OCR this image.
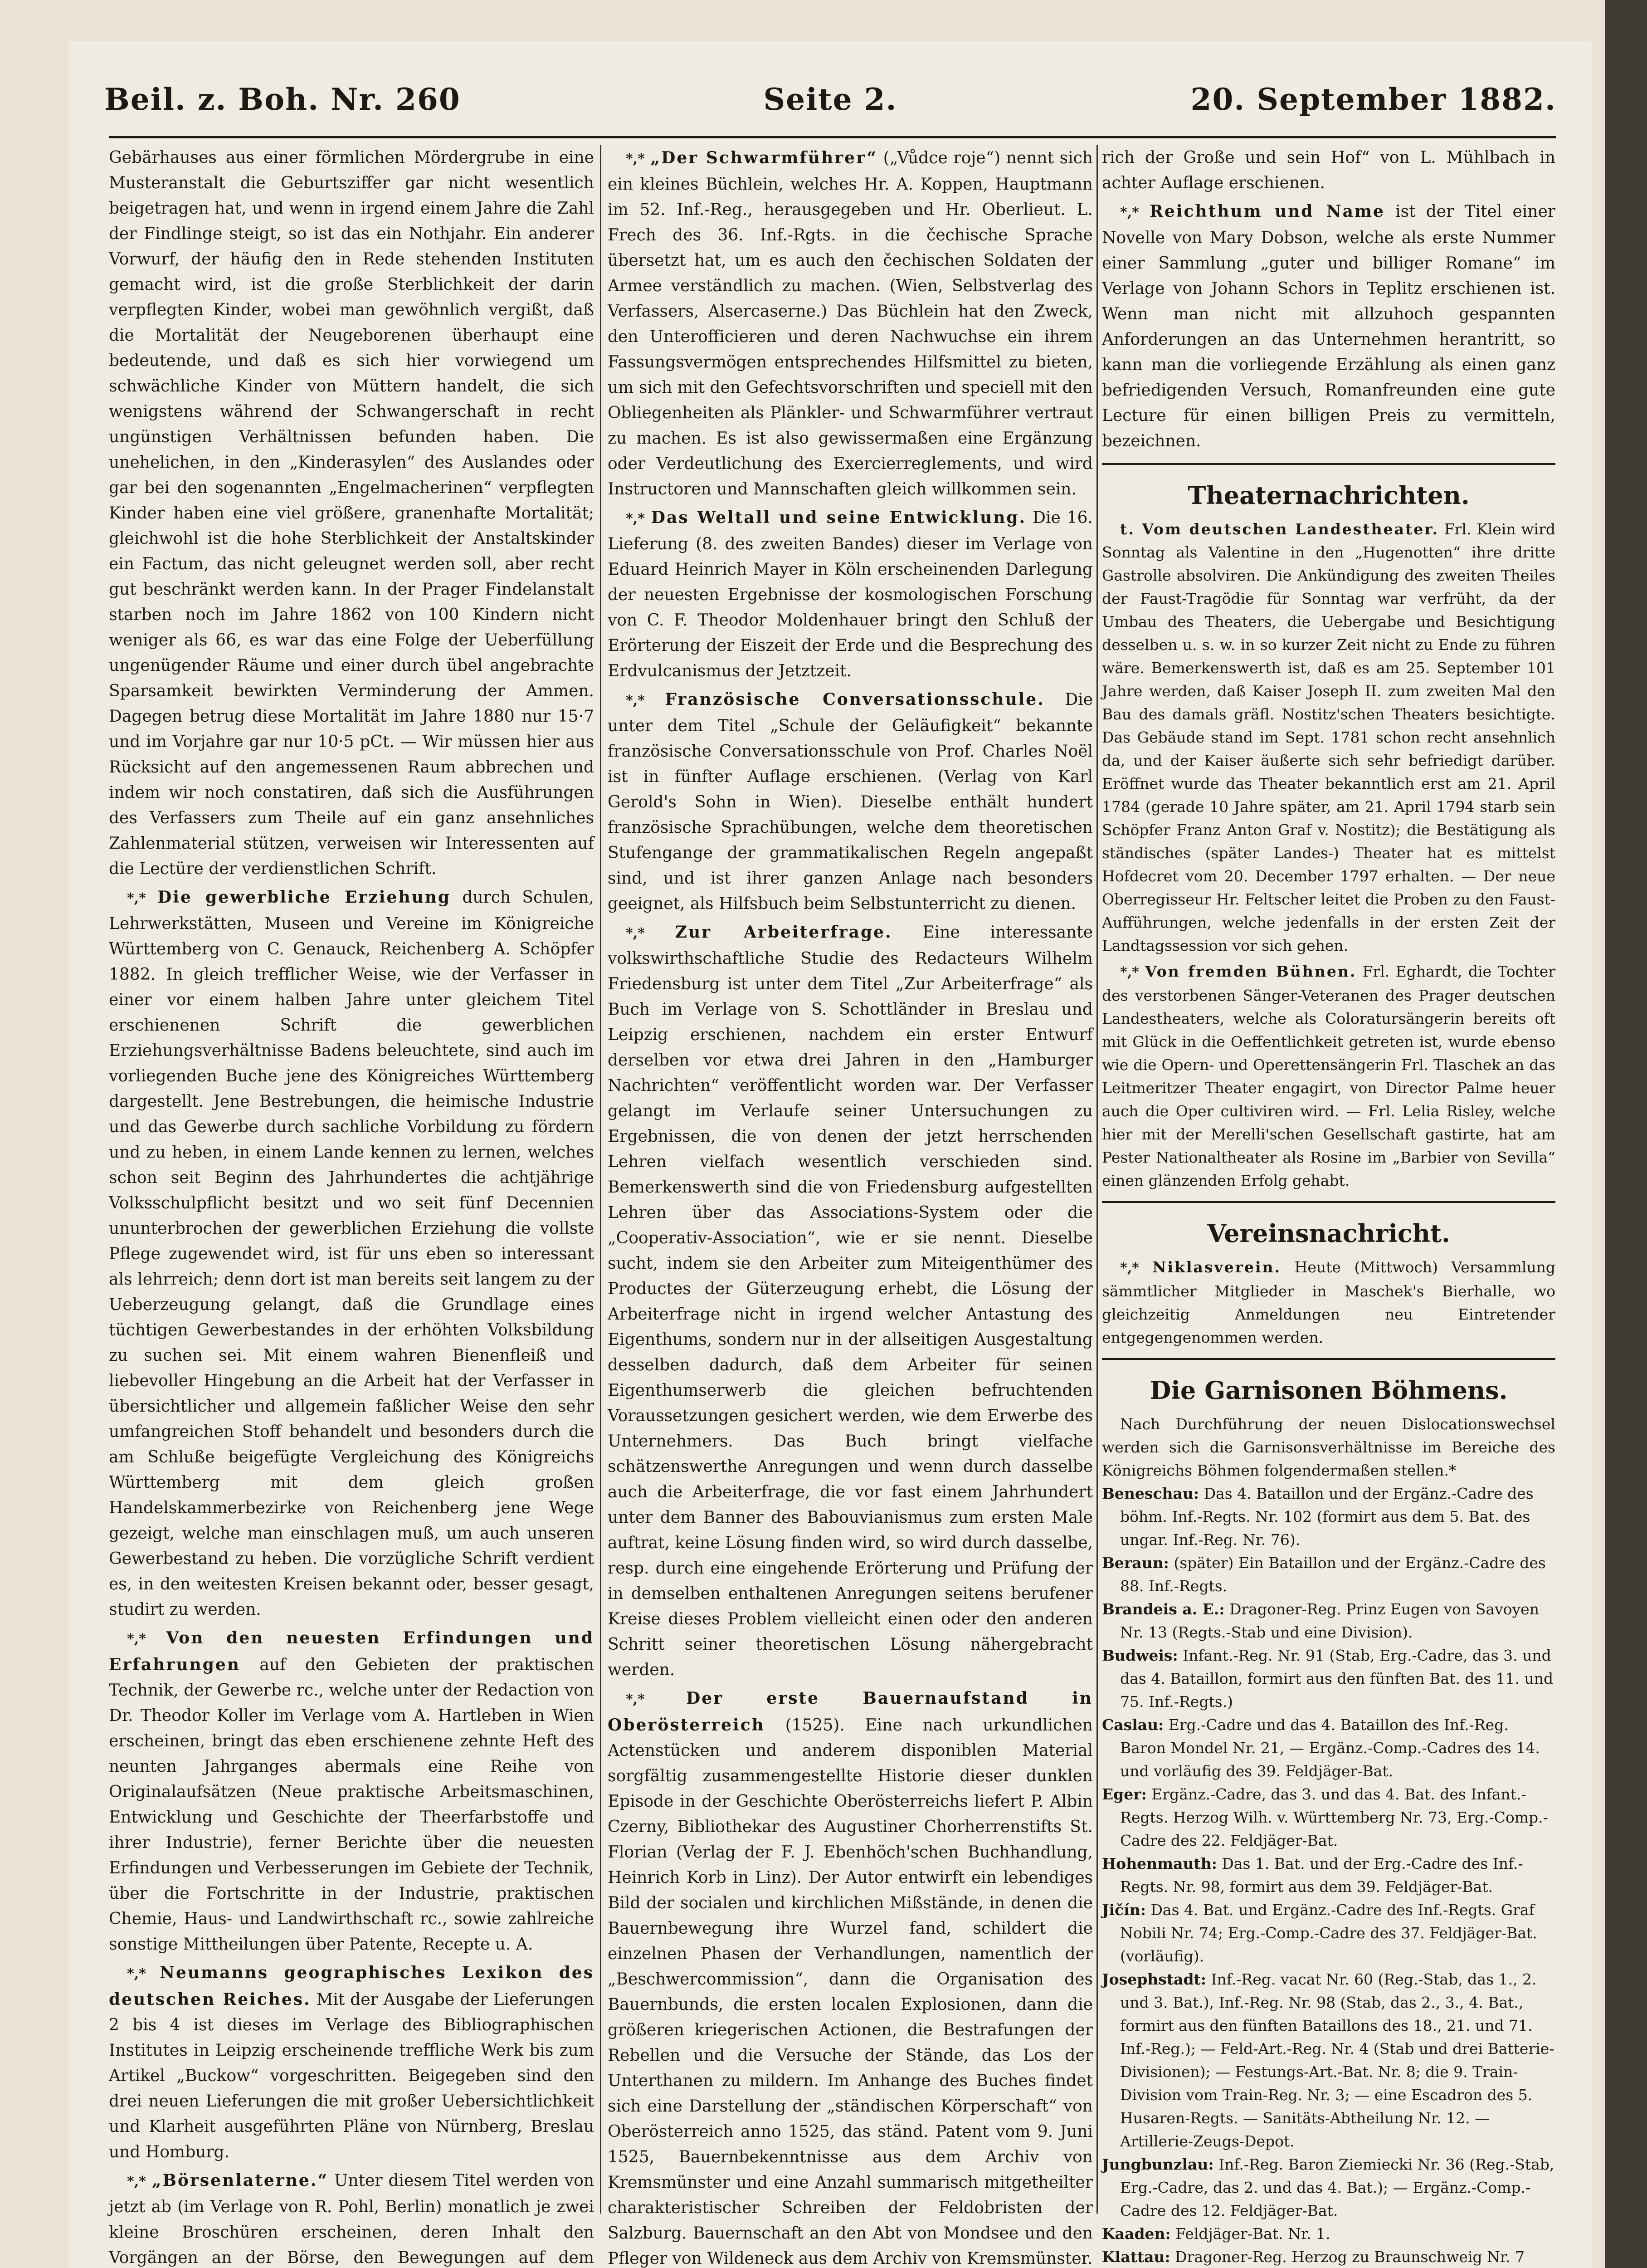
Beil. z. Boh. Nr. 260	Seite 2.	20. September 1882.

Gebärhauses aus einer förmlichen Mördergrube in eine Musteranstalt die Geburtsziffer gar nicht wesentlich beigetragen hat, und wenn in irgend einem Jahre die Zahl der Findlinge steigt, so ist das ein Nothjahr. Ein anderer Vorwurf, der häufig den in Rede stehenden Instituten gemacht wird, ist die große Sterblichkeit der darin verpflegten Kinder, wobei man gewöhnlich vergißt, daß die Mortalität der Neugeborenen überhaupt eine bedeutende, und daß es sich hier vorwiegend um schwächliche Kinder von Müttern handelt, die sich wenigstens während der Schwangerschaft in recht ungünstigen Verhältnissen befunden haben. Die unehelichen, in den „Kinderasylen“ des Auslandes oder gar bei den sogenannten „Engelmacherinen“ verpflegten Kinder haben eine viel größere, granenhafte Mortalität; gleichwohl ist die hohe Sterblichkeit der Anstaltskinder ein Factum, das nicht geleugnet werden soll, aber recht gut beschränkt werden kann. In der Prager Findelanstalt starben noch im Jahre 1862 von 100 Kindern nicht weniger als 66, es war das eine Folge der Ueberfüllung ungenügender Räume und einer durch übel angebrachte Sparsamkeit bewirkten Verminderung der Ammen. Dagegen betrug diese Mortalität im Jahre 1880 nur 15·7 und im Vorjahre gar nur 10·5 pCt. — Wir müssen hier aus Rücksicht auf den angemessenen Raum abbrechen und indem wir noch constatiren, daß sich die Ausführungen des Verfassers zum Theile auf ein ganz ansehnliches Zahlenmaterial stützen, verweisen wir Interessenten auf die Lectüre der verdienstlichen Schrift.

*,* Die gewerbliche Erziehung durch Schulen, Lehrwerkstätten, Museen und Vereine im Königreiche Württemberg von C. Genauck, Reichenberg A. Schöpfer 1882. In gleich trefflicher Weise, wie der Verfasser in einer vor einem halben Jahre unter gleichem Titel erschienenen Schrift die gewerblichen Erziehungsverhältnisse Badens beleuchtete, sind auch im vorliegenden Buche jene des Königreiches Württemberg dargestellt. Jene Bestrebungen, die heimische Industrie und das Gewerbe durch sachliche Vorbildung zu fördern und zu heben, in einem Lande kennen zu lernen, welches schon seit Beginn des Jahrhundertes die achtjährige Volksschulpflicht besitzt und wo seit fünf Decennien ununterbrochen der gewerblichen Erziehung die vollste Pflege zugewendet wird, ist für uns eben so interessant als lehrreich; denn dort ist man bereits seit langem zu der Ueberzeugung gelangt, daß die Grundlage eines tüchtigen Gewerbestandes in der erhöhten Volksbildung zu suchen sei. Mit einem wahren Bienenfleiß und liebevoller Hingebung an die Arbeit hat der Verfasser in übersichtlicher und allgemein faßlicher Weise den sehr umfangreichen Stoff behandelt und besonders durch die am Schluße beigefügte Vergleichung des Königreichs Württemberg mit dem gleich großen Handelskammerbezirke von Reichenberg jene Wege gezeigt, welche man einschlagen muß, um auch unseren Gewerbestand zu heben. Die vorzügliche Schrift verdient es, in den weitesten Kreisen bekannt oder, besser gesagt, studirt zu werden.

*,* Von den neuesten Erfindungen und Erfahrungen auf den Gebieten der praktischen Technik, der Gewerbe rc., welche unter der Redaction von Dr. Theodor Koller im Verlage vom A. Hartleben in Wien erscheinen, bringt das eben erschienene zehnte Heft des neunten Jahrganges abermals eine Reihe von Originalaufsätzen (Neue praktische Arbeitsmaschinen, Entwicklung und Geschichte der Theerfarbstoffe und ihrer Industrie), ferner Berichte über die neuesten Erfindungen und Verbesserungen im Gebiete der Technik, über die Fortschritte in der Industrie, praktischen Chemie, Haus- und Landwirthschaft rc., sowie zahlreiche sonstige Mittheilungen über Patente, Recepte u. A.

*,* Neumanns geographisches Lexikon des deutschen Reiches. Mit der Ausgabe der Lieferungen 2 bis 4 ist dieses im Verlage des Bibliographischen Institutes in Leipzig erscheinende treffliche Werk bis zum Artikel „Buckow“ vorgeschritten. Beigegeben sind den drei neuen Lieferungen die mit großer Uebersichtlichkeit und Klarheit ausgeführten Pläne von Nürnberg, Breslau und Homburg.

*,* „Börsenlaterne.“ Unter diesem Titel werden von jetzt ab (im Verlage von R. Pohl, Berlin) monatlich je zwei kleine Broschüren erscheinen, deren Inhalt den Vorgängen an der Börse, den Bewegungen auf dem

*,* „Der Schwarmführer“ („Vůdce roje“) nennt sich ein kleines Büchlein, welches Hr. A. Koppen, Hauptmann im 52. Inf.-Reg., herausgegeben und Hr. Oberlieut. L. Frech des 36. Inf.-Rgts. in die čechische Sprache übersetzt hat, um es auch den čechischen Soldaten der Armee verständlich zu machen. (Wien, Selbstverlag des Verfassers, Alsercaserne.) Das Büchlein hat den Zweck, den Unterofficieren und deren Nachwuchse ein ihrem Fassungsvermögen entsprechendes Hilfsmittel zu bieten, um sich mit den Gefechtsvorschriften und speciell mit den Obliegenheiten als Plänkler- und Schwarmführer vertraut zu machen. Es ist also gewissermaßen eine Ergänzung oder Verdeutlichung des Exercierreglements, und wird Instructoren und Mannschaften gleich willkommen sein.

*,* Das Weltall und seine Entwicklung. Die 16. Lieferung (8. des zweiten Bandes) dieser im Verlage von Eduard Heinrich Mayer in Köln erscheinenden Darlegung der neuesten Ergebnisse der kosmologischen Forschung von C. F. Theodor Moldenhauer bringt den Schluß der Erörterung der Eiszeit der Erde und die Besprechung des Erdvulcanismus der Jetztzeit.

*,* Französische Conversationsschule. Die unter dem Titel „Schule der Geläufigkeit“ bekannte französische Conversationsschule von Prof. Charles Noël ist in fünfter Auflage erschienen. (Verlag von Karl Gerold's Sohn in Wien). Dieselbe enthält hundert französische Sprachübungen, welche dem theoretischen Stufengange der grammatikalischen Regeln angepaßt sind, und ist ihrer ganzen Anlage nach besonders geeignet, als Hilfsbuch beim Selbstunterricht zu dienen.

*,* Zur Arbeiterfrage. Eine interessante volkswirthschaftliche Studie des Redacteurs Wilhelm Friedensburg ist unter dem Titel „Zur Arbeiterfrage“ als Buch im Verlage von S. Schottländer in Breslau und Leipzig erschienen, nachdem ein erster Entwurf derselben vor etwa drei Jahren in den „Hamburger Nachrichten“ veröffentlicht worden war. Der Verfasser gelangt im Verlaufe seiner Untersuchungen zu Ergebnissen, die von denen der jetzt herrschenden Lehren vielfach wesentlich verschieden sind. Bemerkenswerth sind die von Friedensburg aufgestellten Lehren über das Associations-System oder die „Cooperativ-Association“, wie er sie nennt. Dieselbe sucht, indem sie den Arbeiter zum Miteigenthümer des Productes der Güterzeugung erhebt, die Lösung der Arbeiterfrage nicht in irgend welcher Antastung des Eigenthums, sondern nur in der allseitigen Ausgestaltung desselben dadurch, daß dem Arbeiter für seinen Eigenthumserwerb die gleichen befruchtenden Voraussetzungen gesichert werden, wie dem Erwerbe des Unternehmers. Das Buch bringt vielfache schätzenswerthe Anregungen und wenn durch dasselbe auch die Arbeiterfrage, die vor fast einem Jahrhundert unter dem Banner des Babouvianismus zum ersten Male auftrat, keine Lösung finden wird, so wird durch dasselbe, resp. durch eine eingehende Erörterung und Prüfung der in demselben enthaltenen Anregungen seitens berufener Kreise dieses Problem vielleicht einen oder den anderen Schritt seiner theoretischen Lösung nähergebracht werden.

*,*	Der erste Bauernaufstand in Oberösterreich (1525). Eine nach urkundlichen Actenstücken und anderem disponiblen Material sorgfältig zusammengestellte Historie dieser dunklen Episode in der Geschichte Oberösterreichs liefert P. Albin Czerny, Bibliothekar des Augustiner Chorherrenstifts St. Florian (Verlag der F. J. Ebenhöch'schen Buchhandlung, Heinrich Korb in Linz). Der Autor entwirft ein lebendiges Bild der socialen und kirchlichen Mißstände, in denen die Bauernbewegung ihre Wurzel fand, schildert die einzelnen Phasen der Verhandlungen, namentlich der „Beschwercommission“, dann die Organisation des Bauernbunds, die ersten localen Explosionen, dann die größeren kriegerischen Actionen, die Bestrafungen der Rebellen und die Versuche der Stände, das Los der Unterthanen zu mildern. Im Anhange des Buches findet sich eine Darstellung der „ständischen Körperschaft“ von Oberösterreich anno 1525, das ständ. Patent vom 9. Juni 1525, Bauernbekenntnisse aus dem Archiv von Kremsmünster und eine Anzahl summarisch mitgetheilter charakteristischer Schreiben der Feldobristen der Salzburg. Bauernschaft an den Abt von Mondsee und den Pfleger von Wildeneck aus dem Archiv von Kremsmünster.

rich der Große und sein Hof“ von L. Mühlbach in achter Auflage erschienen.

*,* Reichthum und Name ist der Titel einer Novelle von Mary Dobson, welche als erste Nummer einer Sammlung „guter und billiger Romane“ im Verlage von Johann Schors in Teplitz erschienen ist. Wenn man nicht mit allzuhoch gespannten Anforderungen an das Unternehmen herantritt, so kann man die vorliegende Erzählung als einen ganz befriedigenden Versuch, Romanfreunden eine gute Lecture für einen billigen Preis zu vermitteln, bezeichnen.

Theaternachrichten.

t. Vom deutschen Landestheater. Frl. Klein wird Sonntag als Valentine in den „Hugenotten“ ihre dritte Gastrolle absolviren. Die Ankündigung des zweiten Theiles der Faust-Tragödie für Sonntag war verfrüht, da der Umbau des Theaters, die Uebergabe und Besichtigung desselben u. s. w. in so kurzer Zeit nicht zu Ende zu führen wäre. Bemerkenswerth ist, daß es am 25. September 101 Jahre werden, daß Kaiser Joseph II. zum zweiten Mal den Bau des damals gräfl. Nostitz'schen Theaters besichtigte. Das Gebäude stand im Sept. 1781 schon recht ansehnlich da, und der Kaiser äußerte sich sehr befriedigt darüber. Eröffnet wurde das Theater bekanntlich erst am 21. April 1784 (gerade 10 Jahre später, am 21. April 1794 starb sein Schöpfer Franz Anton Graf v. Nostitz); die Bestätigung als ständisches (später Landes-) Theater hat es mittelst Hofdecret vom 20. December 1797 erhalten. — Der neue Oberregisseur Hr. Feltscher leitet die Proben zu den Faust-Aufführungen, welche jedenfalls in der ersten Zeit der Landtagssession vor sich gehen.

*,* Von fremden Bühnen. Frl. Eghardt, die Tochter des verstorbenen Sänger-Veteranen des Prager deutschen Landestheaters, welche als Coloratursängerin bereits oft mit Glück in die Oeffentlichkeit getreten ist, wurde ebenso wie die Opern- und Operettensängerin Frl. Tlaschek an das Leitmeritzer Theater engagirt, von Director Palme heuer auch die Oper cultiviren wird. — Frl. Lelia Risley, welche hier mit der Merelli'schen Gesellschaft gastirte, hat am Pester Nationaltheater als Rosine im „Barbier von Sevilla“ einen glänzenden Erfolg gehabt.

Vereinsnachricht.

*,* Niklasverein. Heute (Mittwoch) Versammlung sämmtlicher Mitglieder in Maschek's Bierhalle, wo gleichzeitig Anmeldungen neu Eintretender entgegengenommen werden.

Die Garnisonen Böhmens.

Nach Durchführung der neuen Dislocationswechsel werden sich die Garnisonsverhältnisse im Bereiche des Königreichs Böhmen folgendermaßen stellen.*

Beneschau: Das 4. Bataillon und der Ergänz.-Cadre des böhm. Inf.-Regts. Nr. 102 (formirt aus dem 5. Bat. des ungar. Inf.-Reg. Nr. 76).

Beraun: (später) Ein Bataillon und der Ergänz.-Cadre des 88. Inf.-Regts.

Brandeis a. E.: Dragoner-Reg. Prinz Eugen von Savoyen Nr. 13 (Regts.-Stab und eine Division).

Budweis: Infant.-Reg. Nr. 91 (Stab, Erg.-Cadre, das 3. und das 4. Bataillon, formirt aus den fünften Bat. des 11. und 75. Inf.-Regts.)

Caslau: Erg.-Cadre und das 4. Bataillon des Inf.-Reg. Baron Mondel Nr. 21, — Ergänz.-Comp.-Cadres des 14. und vorläufig des 39. Feldjäger-Bat.

Eger: Ergänz.-Cadre, das 3. und das 4. Bat. des Infant.-Regts. Herzog Wilh. v. Württemberg Nr. 73, Erg.-Comp.-Cadre des 22. Feldjäger-Bat.

Hohenmauth: Das 1. Bat. und der Erg.-Cadre des Inf.-Regts. Nr. 98, formirt aus dem 39. Feldjäger-Bat.

Jičín: Das 4. Bat. und Ergänz.-Cadre des Inf.-Regts. Graf Nobili Nr. 74; Erg.-Comp.-Cadre des 37. Feldjäger-Bat. (vorläufig).

Josephstadt: Inf.-Reg. vacat Nr. 60 (Reg.-Stab, das 1., 2. und 3. Bat.), Inf.-Reg. Nr. 98 (Stab, das 2., 3., 4. Bat., formirt aus den fünften Bataillons des 18., 21. und 71. Inf.-Reg.); — Feld-Art.-Reg. Nr. 4 (Stab und drei Batterie-Divisionen); — Festungs-Art.-Bat. Nr. 8; die 9. Train-Division vom Train-Reg. Nr. 3; — eine Escadron des 5. Husaren-Regts. — Sanitäts-Abtheilung Nr. 12. — Artillerie-Zeugs-Depot.

Jungbunzlau: Inf.-Reg. Baron Ziemiecki Nr. 36 (Reg.-Stab, Erg.-Cadre, das 2. und das 4. Bat.); — Ergänz.-Comp.-Cadre des 12. Feldjäger-Bat.

Kaaden: Feldjäger-Bat. Nr. 1.

Klattau: Dragoner-Reg. Herzog zu Braunschweig Nr. 7
